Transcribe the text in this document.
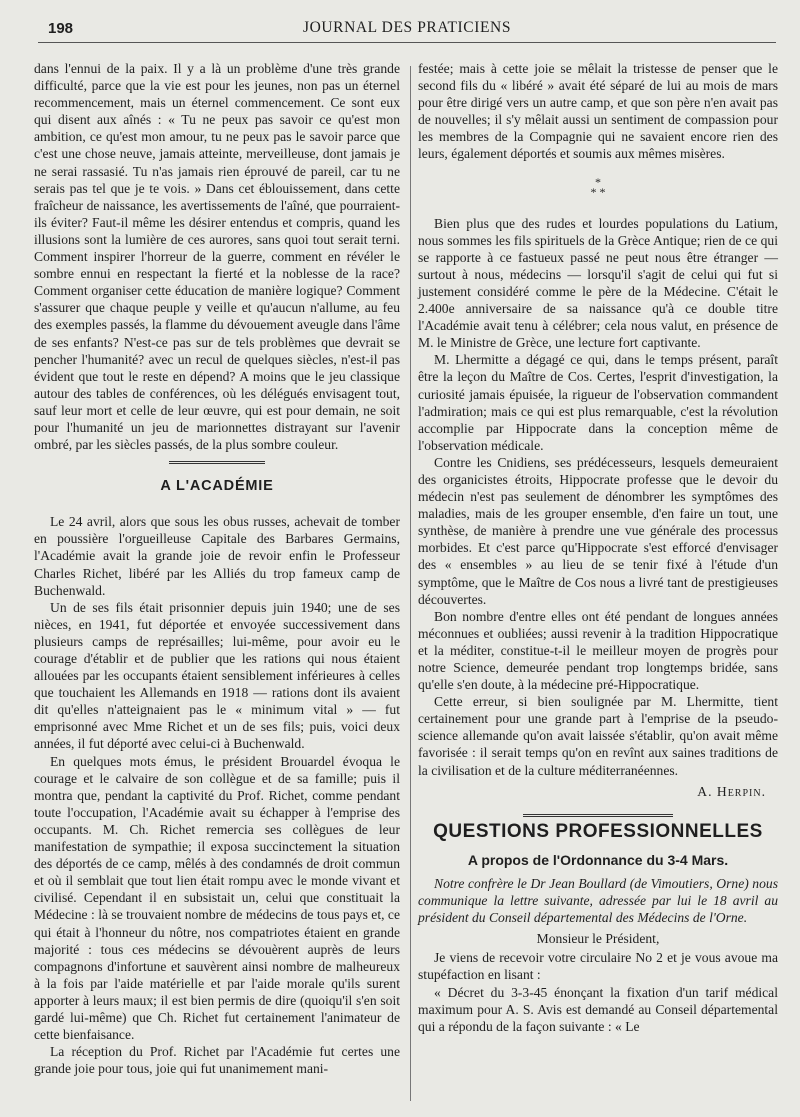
198	JOURNAL DES PRATICIENS

dans l'ennui de la paix. Il y a là un problème d'une très grande difficulté, parce que la vie est pour les jeunes, non pas un éternel recommencement, mais un éternel commencement. Ce sont eux qui disent aux aînés : « Tu ne peux pas savoir ce qu'est mon ambition, ce qu'est mon amour, tu ne peux pas le savoir parce que c'est une chose neuve, jamais atteinte, merveilleuse, dont jamais je ne serai rassasié. Tu n'as jamais rien éprouvé de pareil, car tu ne serais pas tel que je te vois. » Dans cet éblouissement, dans cette fraîcheur de naissance, les avertissements de l'aîné, que pourraient-ils éviter? Faut-il même les désirer entendus et compris, quand les illusions sont la lumière de ces aurores, sans quoi tout serait terni. Comment inspirer l'horreur de la guerre, comment en révéler le sombre ennui en respectant la fierté et la noblesse de la race? Comment organiser cette éducation de manière logique? Comment s'assurer que chaque peuple y veille et qu'aucun n'allume, au feu des exemples passés, la flamme du dévouement aveugle dans l'âme de ses enfants? N'est-ce pas sur de tels problèmes que devrait se pencher l'humanité? avec un recul de quelques siècles, n'est-il pas évident que tout le reste en dépend? A moins que le jeu classique autour des tables de conférences, où les délégués envisagent tout, sauf leur mort et celle de leur œuvre, qui est pour demain, ne soit pour l'humanité un jeu de marionnettes distrayant sur l'avenir ombré, par les siècles passés, de la plus sombre couleur.

A L'ACADÉMIE

Le 24 avril, alors que sous les obus russes, achevait de tomber en poussière l'orgueilleuse Capitale des Barbares Germains, l'Académie avait la grande joie de revoir enfin le Professeur Charles Richet, libéré par les Alliés du trop fameux camp de Buchenwald.

Un de ses fils était prisonnier depuis juin 1940; une de ses nièces, en 1941, fut déportée et envoyée successivement dans plusieurs camps de représailles; lui-même, pour avoir eu le courage d'établir et de publier que les rations qui nous étaient allouées par les occupants étaient sensiblement inférieures à celles que touchaient les Allemands en 1918 — rations dont ils avaient dit qu'elles n'atteignaient pas le « minimum vital » — fut emprisonné avec Mme Richet et un de ses fils; puis, voici deux années, il fut déporté avec celui-ci à Buchenwald.

En quelques mots émus, le président Brouardel évoqua le courage et le calvaire de son collègue et de sa famille; puis il montra que, pendant la captivité du Prof. Richet, comme pendant toute l'occupation, l'Académie avait su échapper à l'emprise des occupants. M. Ch. Richet remercia ses collègues de leur manifestation de sympathie; il exposa succinctement la situation des déportés de ce camp, mêlés à des condamnés de droit commun et où il semblait que tout lien était rompu avec le monde vivant et civilisé. Cependant il en subsistait un, celui que constituait la Médecine : là se trouvaient nombre de médecins de tous pays et, ce qui était à l'honneur du nôtre, nos compatriotes étaient en grande majorité : tous ces médecins se dévouèrent auprès de leurs compagnons d'infortune et sauvèrent ainsi nombre de malheureux à la fois par l'aide matérielle et par l'aide morale qu'ils surent apporter à leurs maux; il est bien permis de dire (quoiqu'il s'en soit gardé lui-même) que Ch. Richet fut certainement l'animateur de cette bienfaisance.

La réception du Prof. Richet par l'Académie fut certes une grande joie pour tous, joie qui fut unanimement mani-

festée; mais à cette joie se mêlait la tristesse de penser que le second fils du « libéré » avait été séparé de lui au mois de mars pour être dirigé vers un autre camp, et que son père n'en avait pas de nouvelles; il s'y mêlait aussi un sentiment de compassion pour les membres de la Compagnie qui ne savaient encore rien des leurs, également déportés et soumis aux mêmes misères.

*
* *

Bien plus que des rudes et lourdes populations du Latium, nous sommes les fils spirituels de la Grèce Antique; rien de ce qui se rapporte à ce fastueux passé ne peut nous être étranger — surtout à nous, médecins — lorsqu'il s'agit de celui qui fut si justement considéré comme le père de la Médecine. C'était le 2.400e anniversaire de sa naissance qu'à ce double titre l'Académie avait tenu à célébrer; cela nous valut, en présence de M. le Ministre de Grèce, une lecture fort captivante.

M. Lhermitte a dégagé ce qui, dans le temps présent, paraît être la leçon du Maître de Cos. Certes, l'esprit d'investigation, la curiosité jamais épuisée, la rigueur de l'observation commandent l'admiration; mais ce qui est plus remarquable, c'est la révolution accomplie par Hippocrate dans la conception même de l'observation médicale.

Contre les Cnidiens, ses prédécesseurs, lesquels demeuraient des organicistes étroits, Hippocrate professe que le devoir du médecin n'est pas seulement de dénombrer les symptômes des maladies, mais de les grouper ensemble, d'en faire un tout, une synthèse, de manière à prendre une vue générale des processus morbides. Et c'est parce qu'Hippocrate s'est efforcé d'envisager des « ensembles » au lieu de se tenir fixé à l'étude d'un symptôme, que le Maître de Cos nous a livré tant de prestigieuses découvertes.

Bon nombre d'entre elles ont été pendant de longues années méconnues et oubliées; aussi revenir à la tradition Hippocratique et la méditer, constitue-t-il le meilleur moyen de progrès pour notre Science, demeurée pendant trop longtemps bridée, sans qu'elle s'en doute, à la médecine pré-Hippocratique.

Cette erreur, si bien soulignée par M. Lhermitte, tient certainement pour une grande part à l'emprise de la pseudo-science allemande qu'on avait laissée s'établir, qu'on avait même favorisée : il serait temps qu'on en revînt aux saines traditions de la civilisation et de la culture méditerranéennes.

A. Herpin.
QUESTIONS PROFESSIONNELLES
A propos de l'Ordonnance du 3-4 Mars.

Notre confrère le Dr Jean Boullard (de Vimoutiers, Orne) nous communique la lettre suivante, adressée par lui le 18 avril au président du Conseil départemental des Médecins de l'Orne.

Monsieur le Président,

Je viens de recevoir votre circulaire No 2 et je vous avoue ma stupéfaction en lisant :

« Décret du 3-3-45 énonçant la fixation d'un tarif médical maximum pour A. S. Avis est demandé au Conseil départemental qui a répondu de la façon suivante : « Le
